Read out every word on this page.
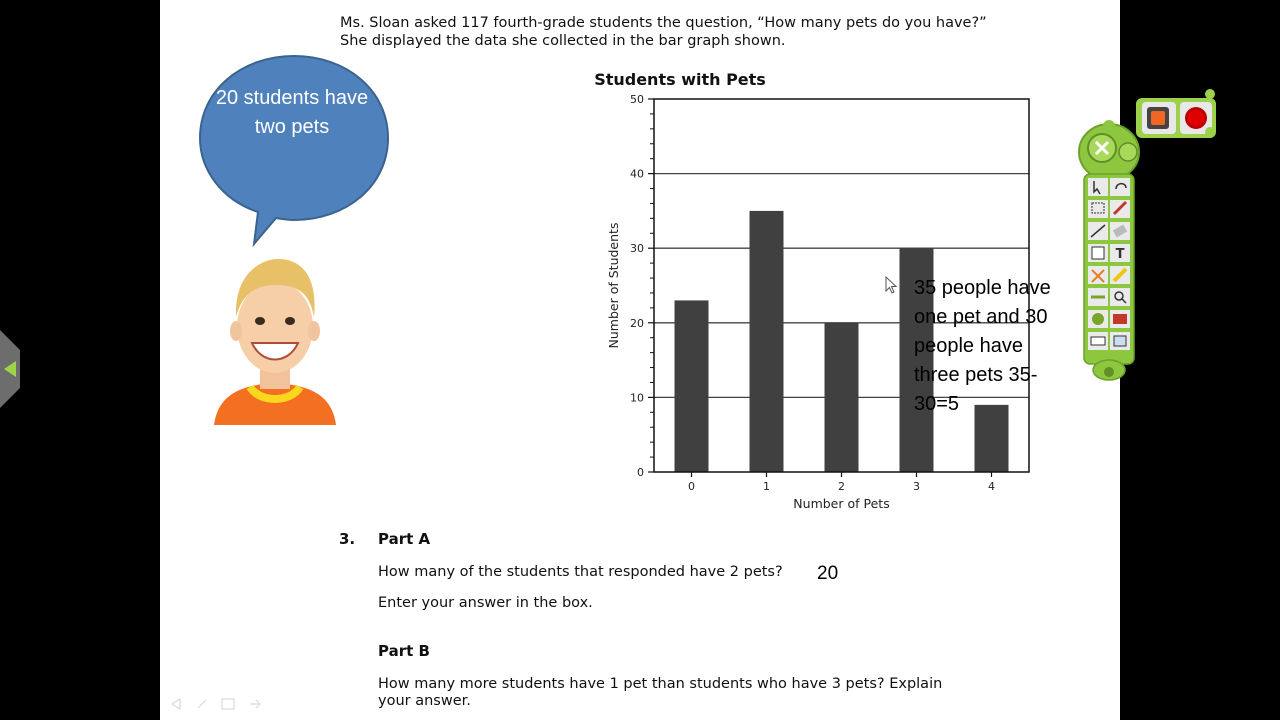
Ms. Sloan asked 117 fourth-grade students the question, “How many pets do you have?” She displayed the data she collected in the bar graph shown.
20 students have two pets
Students with Pets
0
10
20
30
40
50
0	1	2	3	4
Number of Students
Number of Pets
35 people have one pet and 30 people have three pets 35-30=5
3. Part A
How many of the students that responded have 2 pets? 20
Enter your answer in the box.
Part B
How many more students have 1 pet than students who have 3 pets? Explain your answer.
T
